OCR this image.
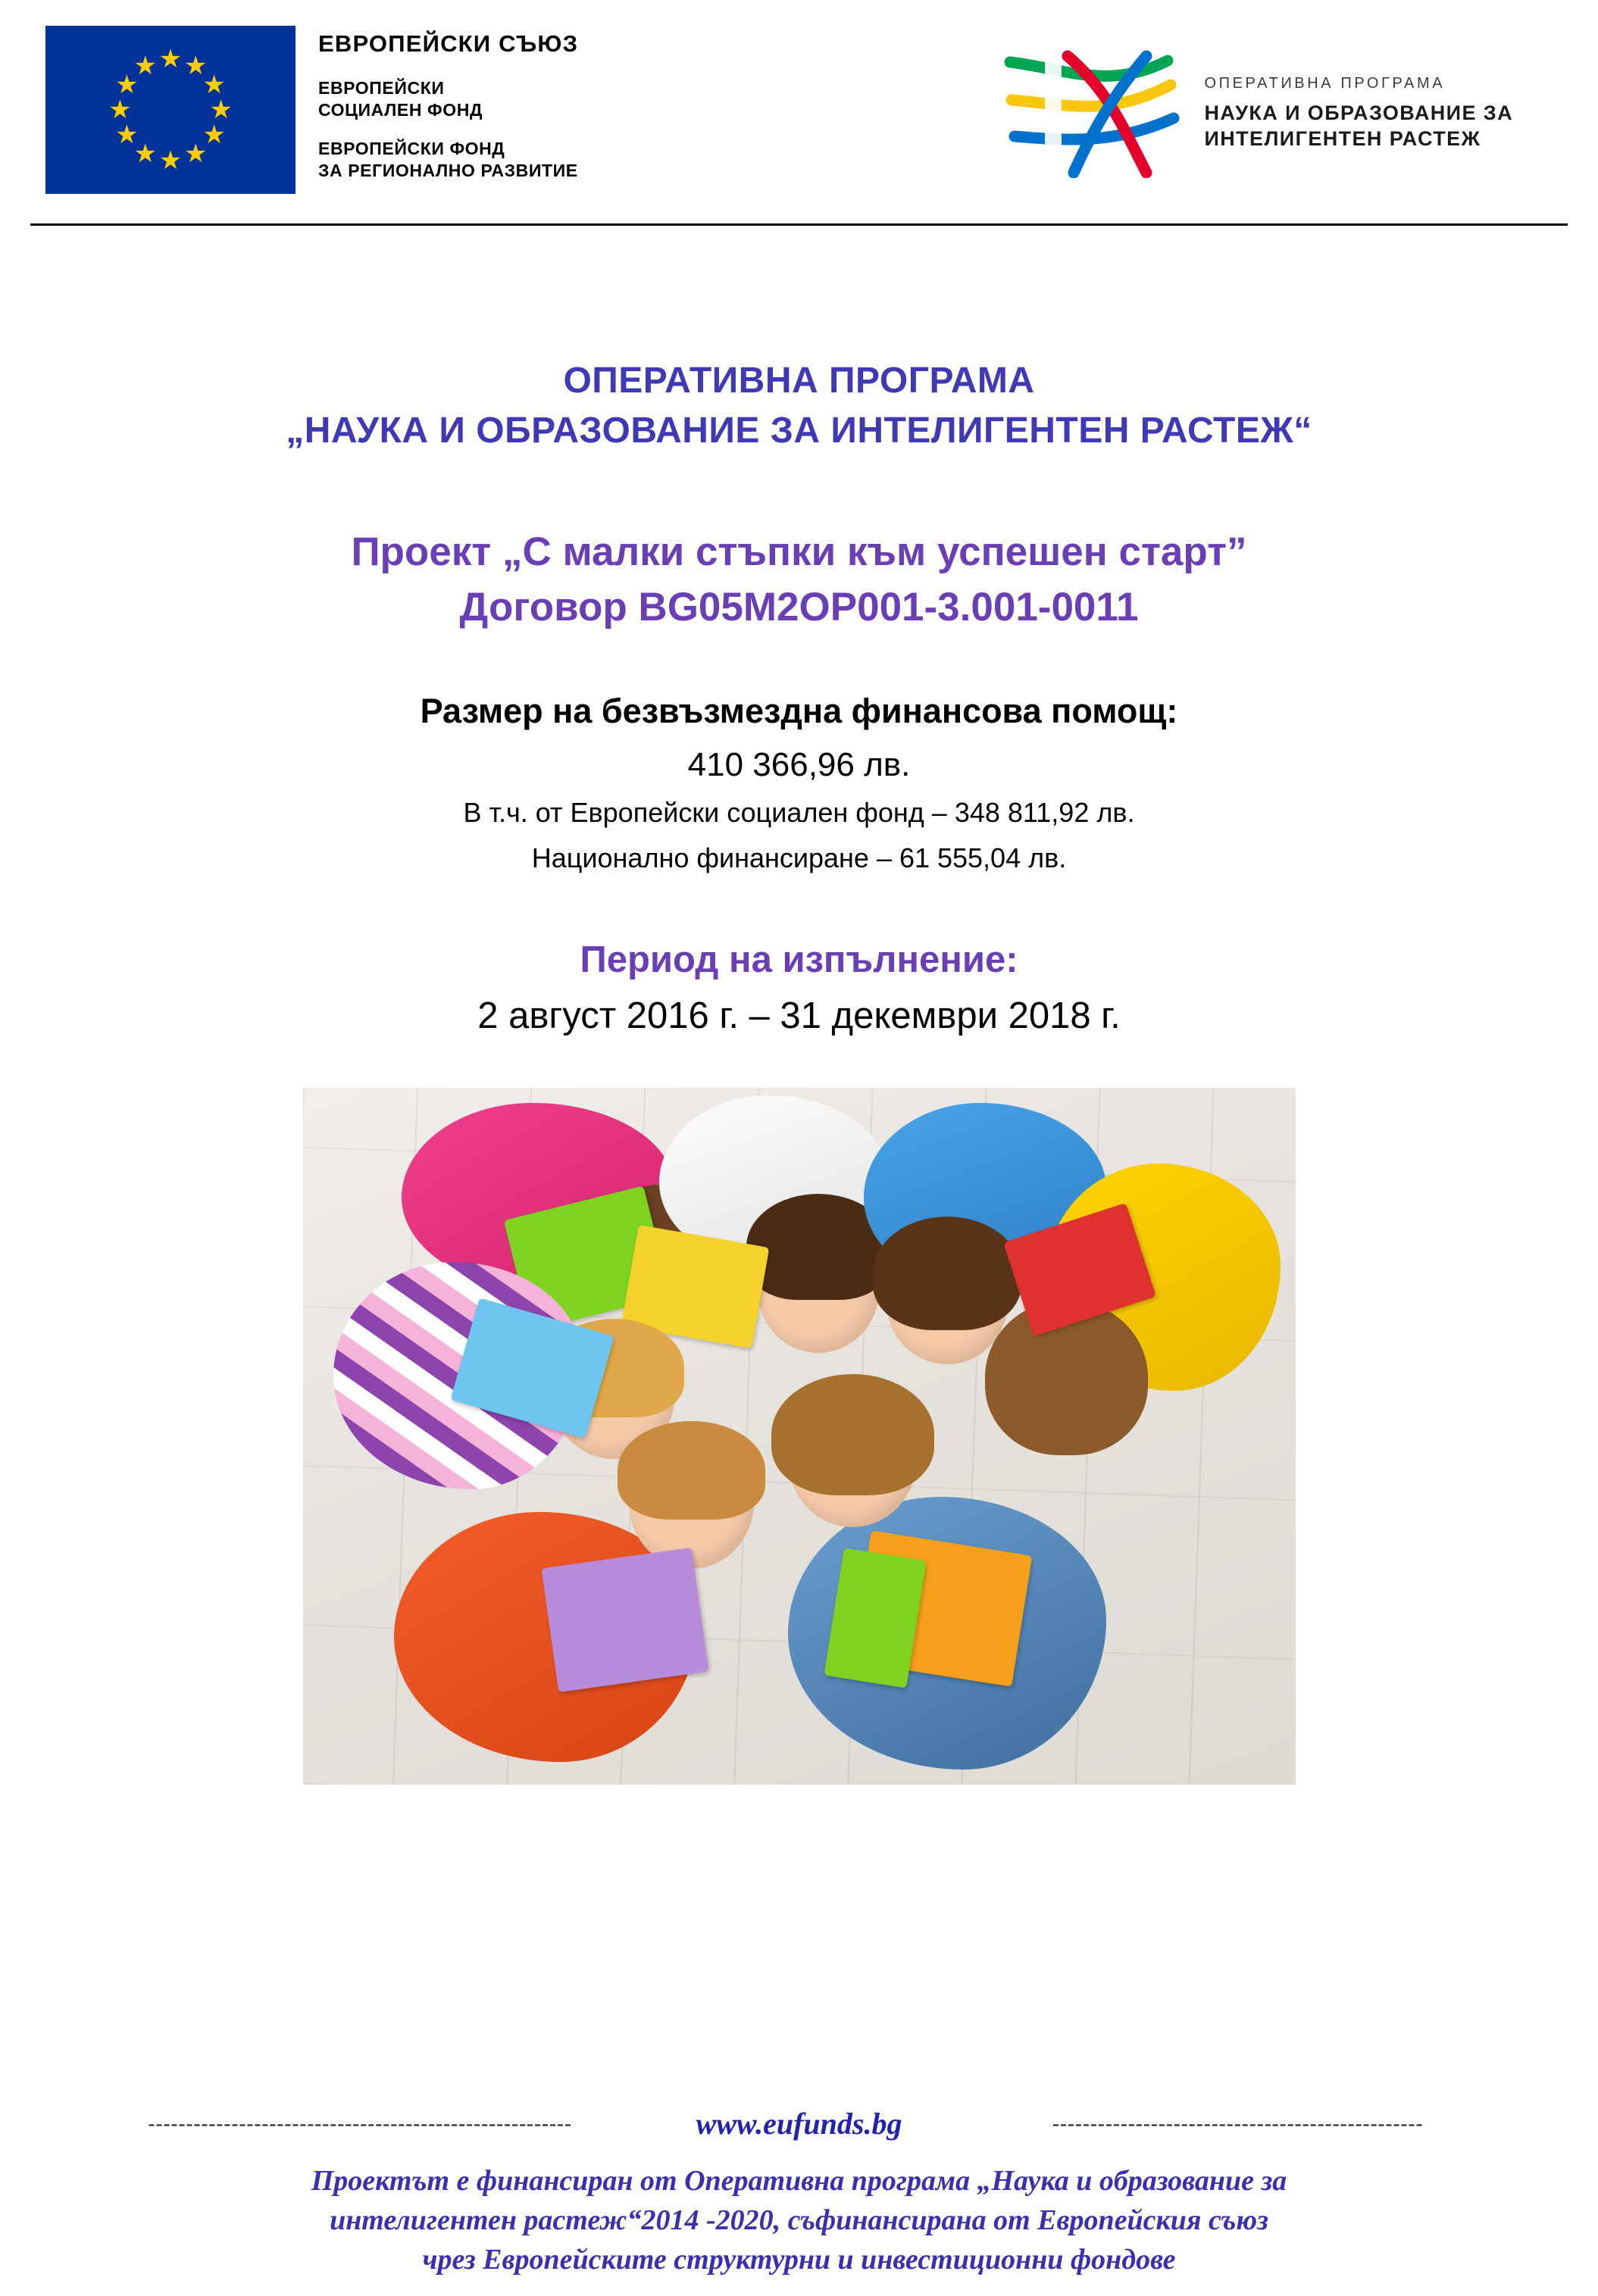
★ ★
★
★
★
★
★
★
★
★
★
★
ЕВРОПЕЙСКИ СЪЮЗ
ЕВРОПЕЙСКИ
СОЦИАЛЕН ФОНД
ЕВРОПЕЙСКИ ФОНД
ЗА РЕГИОНАЛНО РАЗВИТИЕ
ОПЕРАТИВНА ПРОГРАМА
НАУКА И ОБРАЗОВАНИЕ ЗА
ИНТЕЛИГЕНТЕН РАСТЕЖ
ОПЕРАТИВНА ПРОГРАМА
„НАУКА И ОБРАЗОВАНИЕ ЗА ИНТЕЛИГЕНТЕН РАСТЕЖ“
Проект „С малки стъпки към успешен старт”
Договор BG05M2OP001-3.001-0011
Размер на безвъзмездна финансова помощ:
410 366,96 лв.
В т.ч. от Европейски социален фонд – 348 811,92 лв.
Национално финансиране – 61 555,04 лв.
Период на изпълнение:
2 август 2016 г. – 31 декември 2018 г.
--------------------------------------------------------	www.eufunds.bg	-------------------------------------------------
Проектът е финансиран от Оперативна програма „Наука и образование за
интелигентен растеж“2014 -2020, съфинансирана от Европейския съюз
чрез Европейските структурни и инвестиционни фондове
